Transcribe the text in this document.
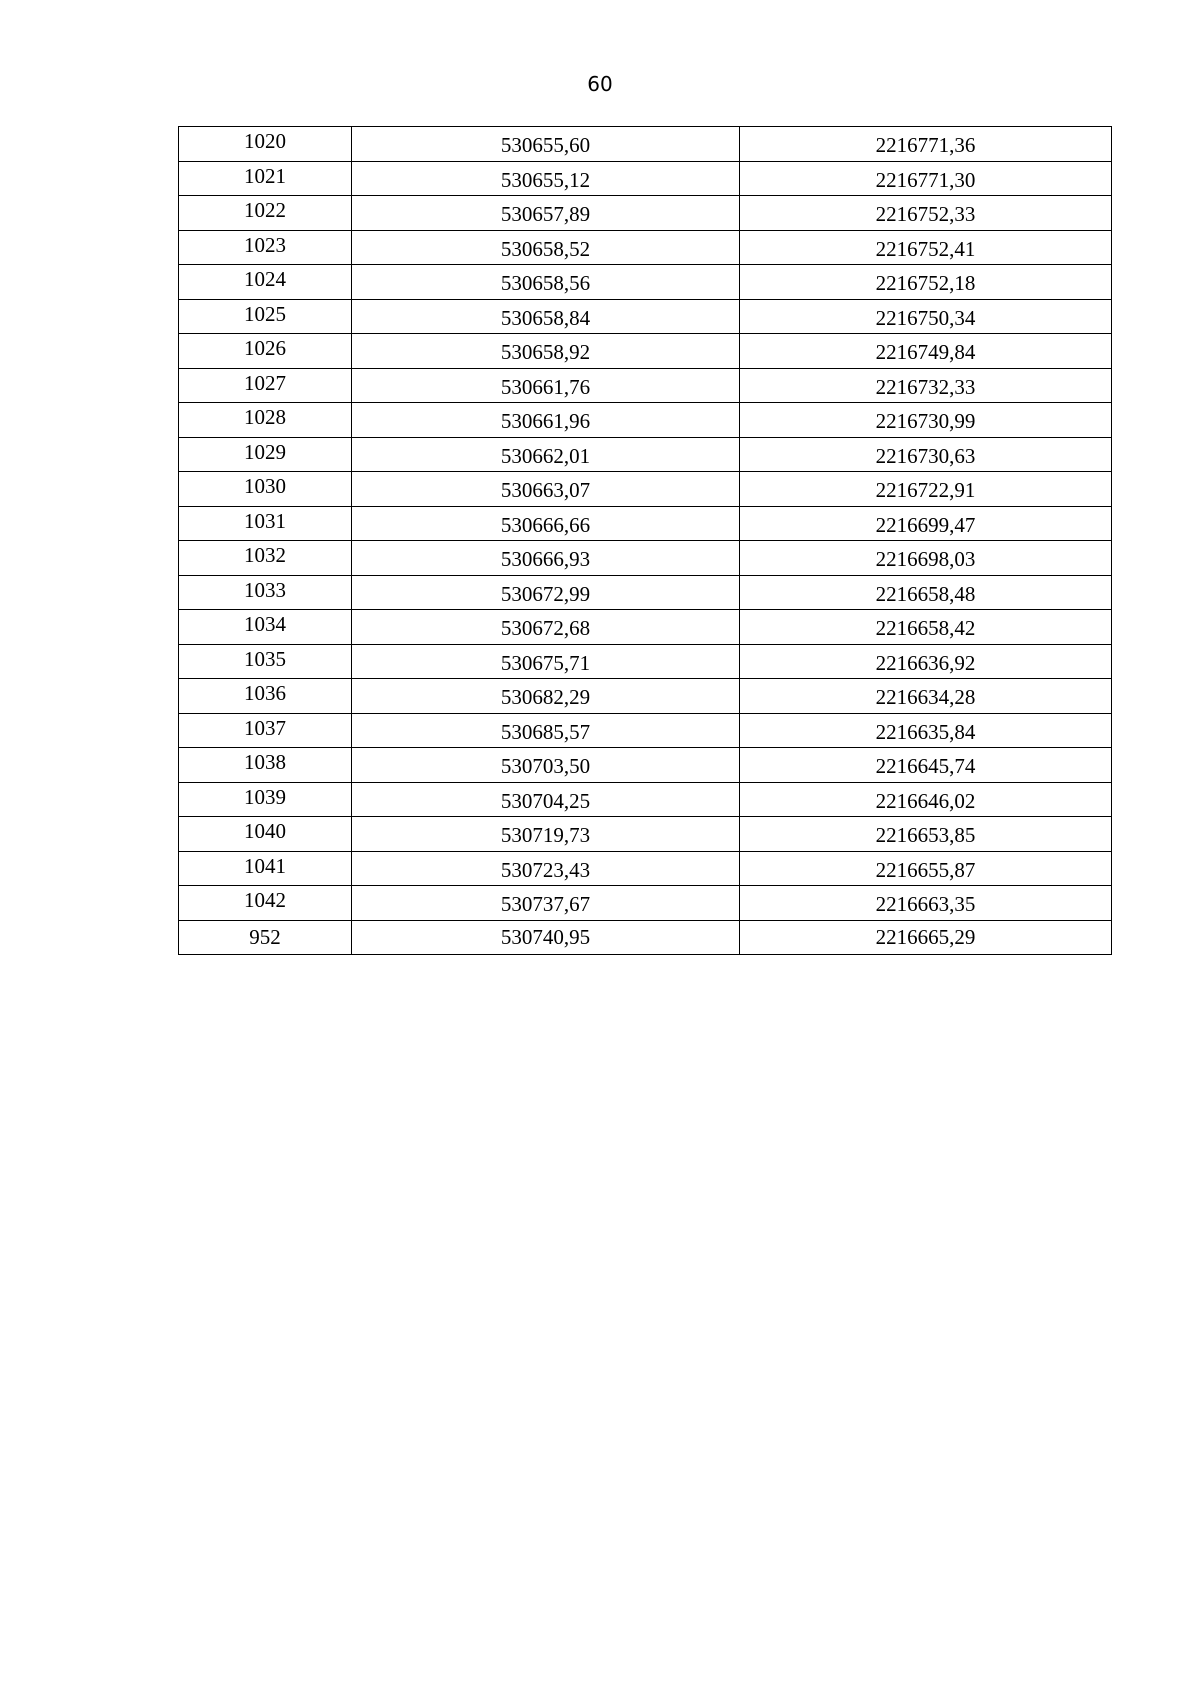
60
1020	530655,60	2216771,36
1021	530655,12	2216771,30
1022	530657,89	2216752,33
1023	530658,52	2216752,41
1024	530658,56	2216752,18
1025	530658,84	2216750,34
1026	530658,92	2216749,84
1027	530661,76	2216732,33
1028	530661,96	2216730,99
1029	530662,01	2216730,63
1030	530663,07	2216722,91
1031	530666,66	2216699,47
1032	530666,93	2216698,03
1033	530672,99	2216658,48
1034	530672,68	2216658,42
1035	530675,71	2216636,92
1036	530682,29	2216634,28
1037	530685,57	2216635,84
1038	530703,50	2216645,74
1039	530704,25	2216646,02
1040	530719,73	2216653,85
1041	530723,43	2216655,87
1042	530737,67	2216663,35
952	530740,95	2216665,29
